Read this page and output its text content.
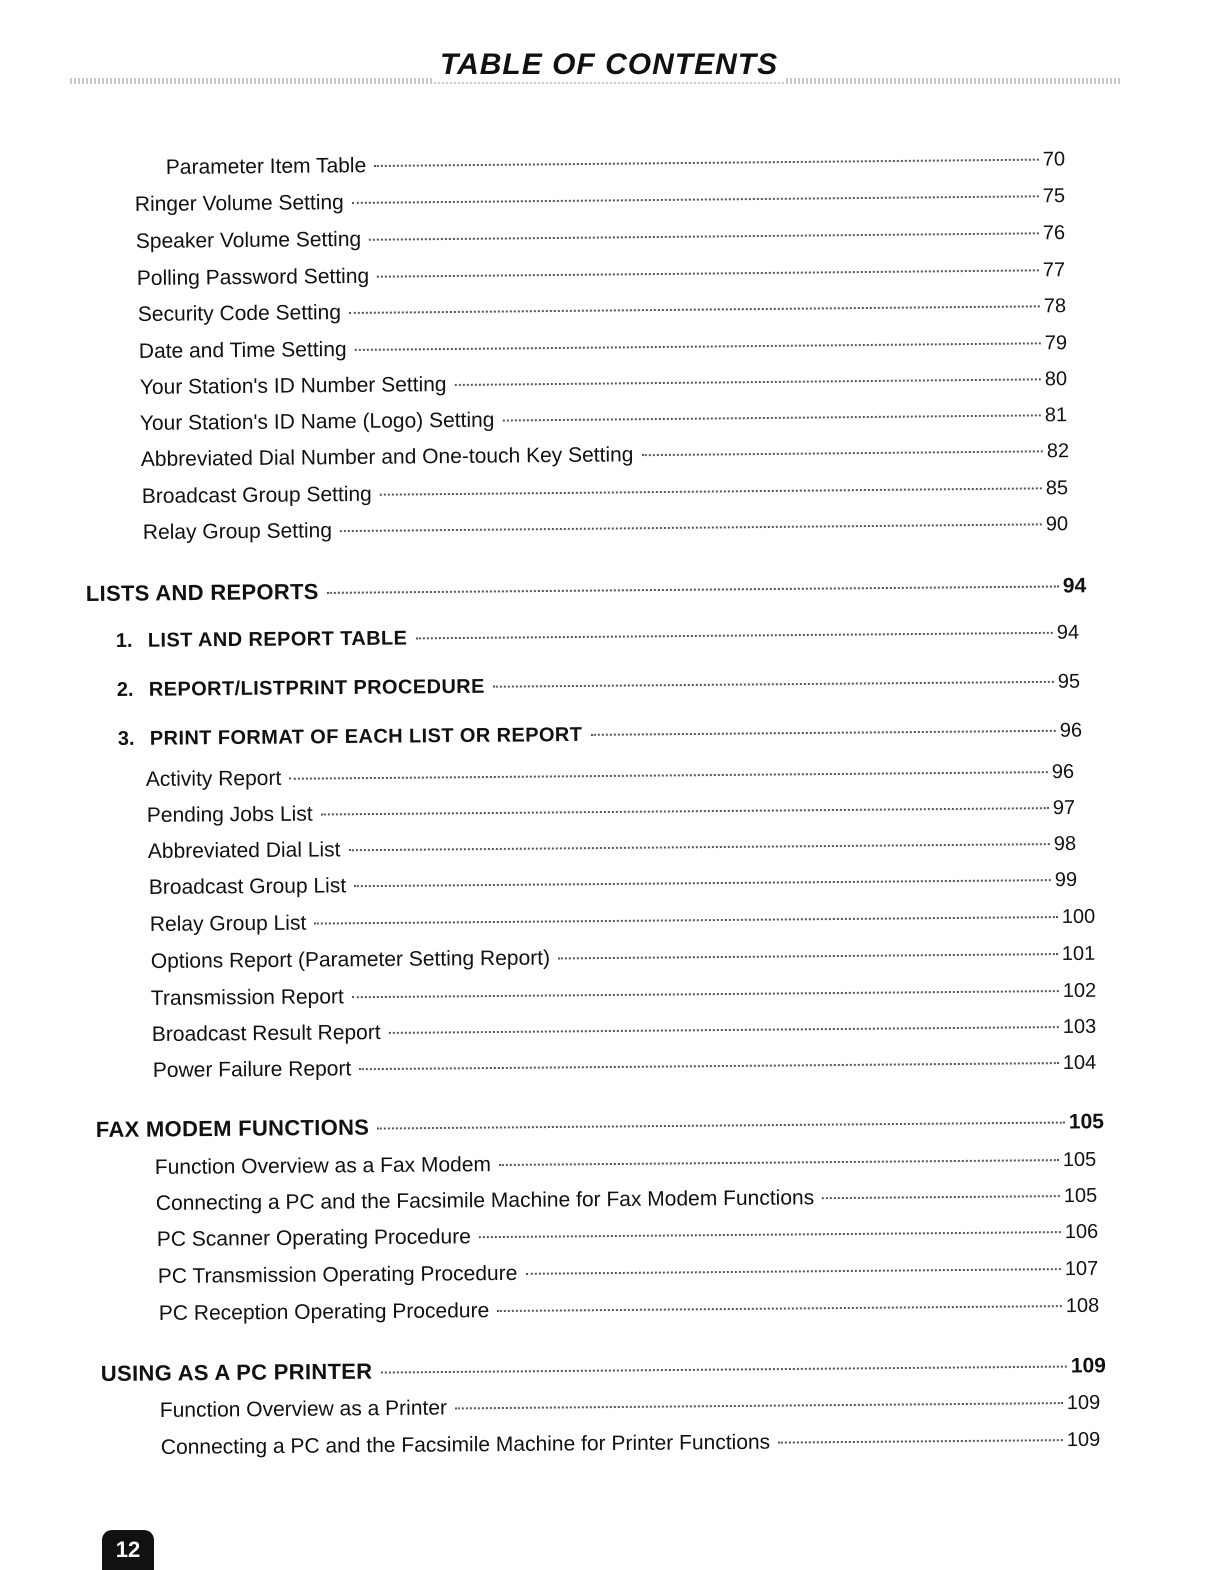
TABLE OF CONTENTS
Parameter Item Table	70
Ringer Volume Setting	75
Speaker Volume Setting	76
Polling Password Setting	77
Security Code Setting	78
Date and Time Setting	79
Your Station's ID Number Setting	80
Your Station's ID Name (Logo) Setting	81
Abbreviated Dial Number and One-touch Key Setting	82
Broadcast Group Setting	85
Relay Group Setting	90
LISTS AND REPORTS	94
1. LIST AND REPORT TABLE	94
2. REPORT/LISTPRINT PROCEDURE	95
3. PRINT FORMAT OF EACH LIST OR REPORT	96
Activity Report	96
Pending Jobs List	97
Abbreviated Dial List	98
Broadcast Group List	99
Relay Group List	100
Options Report (Parameter Setting Report)	101
Transmission Report	102
Broadcast Result Report	103
Power Failure Report	104
FAX MODEM FUNCTIONS	105
Function Overview as a Fax Modem	105
Connecting a PC and the Facsimile Machine for Fax Modem Functions	105
PC Scanner Operating Procedure	106
PC Transmission Operating Procedure	107
PC Reception Operating Procedure	108
USING AS A PC PRINTER	109
Function Overview as a Printer	109
Connecting a PC and the Facsimile Machine for Printer Functions	109
12
